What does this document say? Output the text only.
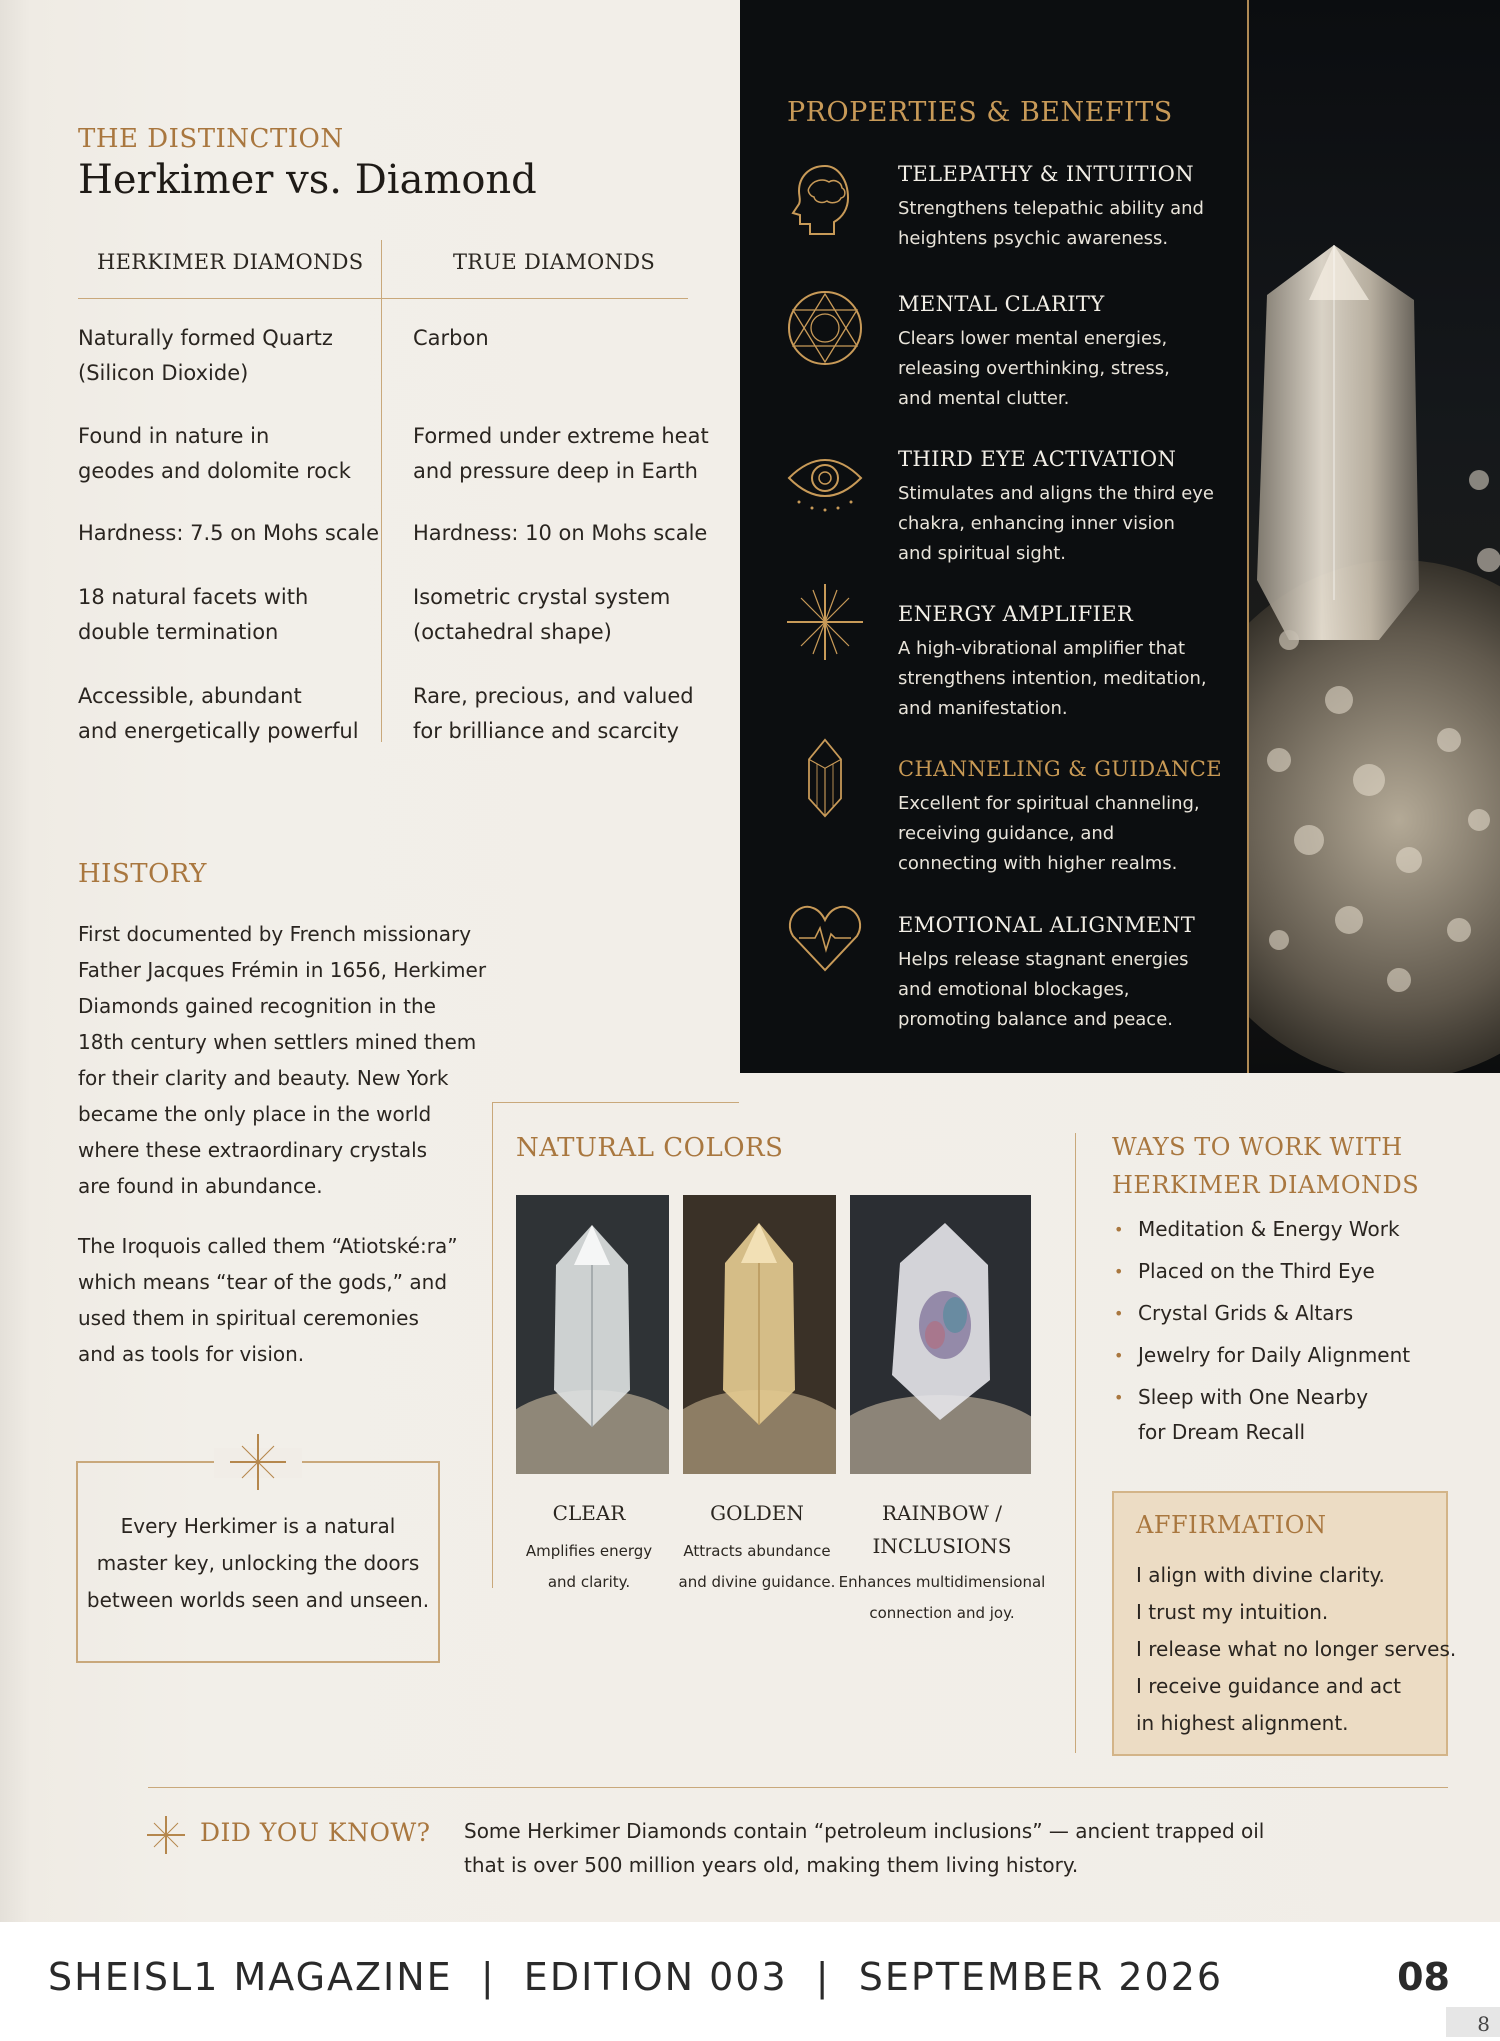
THE DISTINCTION
Herkimer vs. Diamond
HERKIMER DIAMONDS	TRUE DIAMONDS
Naturally formed Quartz
(Silicon Dioxide)
Carbon
Found in nature in
geodes and dolomite rock
Formed under extreme heat
and pressure deep in Earth
Hardness: 7.5 on Mohs scale Hardness: 10 on Mohs scale
18 natural facets with
double termination
Isometric crystal system
(octahedral shape)
Accessible, abundant
and energetically powerful
Rare, precious, and valued
for brilliance and scarcity
PROPERTIES & BENEFITS
TELEPATHY & INTUITION
Strengthens telepathic ability and
heightens psychic awareness.
MENTAL CLARITY
Clears lower mental energies,
releasing overthinking, stress,
and mental clutter.
THIRD EYE ACTIVATION
Stimulates and aligns the third eye
chakra, enhancing inner vision
and spiritual sight.
ENERGY AMPLIFIER
A high-vibrational amplifier that
strengthens intention, meditation,
and manifestation.
CHANNELING & GUIDANCE
Excellent for spiritual channeling,
receiving guidance, and
connecting with higher realms.
EMOTIONAL ALIGNMENT
Helps release stagnant energies
and emotional blockages,
promoting balance and peace.
HISTORY
First documented by French missionary
Father Jacques Frémin in 1656, Herkimer
Diamonds gained recognition in the
18th century when settlers mined them
for their clarity and beauty. New York
became the only place in the world
where these extraordinary crystals
are found in abundance.
The Iroquois called them “Atiotské:ra”
which means “tear of the gods,” and
used them in spiritual ceremonies
and as tools for vision.
Every Herkimer is a natural
master key, unlocking the doors
between worlds seen and unseen.
NATURAL COLORS
CLEAR
Amplifies energy
and clarity.
GOLDEN
Attracts abundance
and divine guidance.
RAINBOW /
INCLUSIONS
Enhances multidimensional
connection and joy.
WAYS TO WORK WITH
HERKIMER DIAMONDS
• Meditation & Energy Work
• Placed on the Third Eye
• Crystal Grids & Altars
• Jewelry for Daily Alignment
• Sleep with One Nearby
for Dream Recall
AFFIRMATION
I align with divine clarity.
I trust my intuition.
I release what no longer serves.
I receive guidance and act
in highest alignment.
DID YOU KNOW? Some Herkimer Diamonds contain “petroleum inclusions” — ancient trapped oil
that is over 500 million years old, making them living history.
SHEISL1 MAGAZINE  |  EDITION 003  |  SEPTEMBER 2026	08
8
